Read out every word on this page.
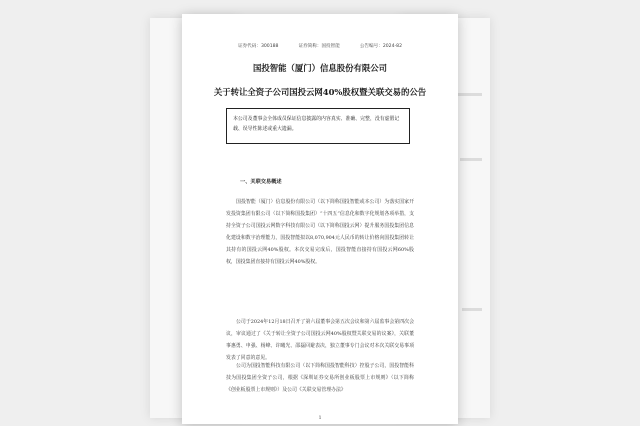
证券代码：300188	证券简称：国投智能	公告编号：2024-82
国投智能（厦门）信息股份有限公司
关于转让全资子公司国投云网40%股权暨关联交易的公告
本公司及董事会全体成员保证信息披露的内容真实、准确、完整，没有虚假记载、误导性陈述或重大遗漏。
一、关联交易概述
国投智能（厦门）信息股份有限公司（以下简称国投智能或本公司）为落实国家开发投资集团有限公司（以下简称国投集团）“十四五”信息化和数字化规划各项举措，支持全资子公司国投云网数字科技有限公司（以下简称国投云网）提升服务国投集团信息化建设和数字治理能力，国投智能拟以8,070,904元人民币的转让价格向国投集团转让其持有的国投云网40%股权。本次交易完成后，国投智能直接持有国投云网60%股权，国投集团直接持有国投云网40%股权。
公司于2024年12月18日召开了第六届董事会第五次会议和第六届监事会第四次会议，审议通过了《关于转让全资子公司国投云网40%股权暨关联交易的议案》，关联董事惠勇、申强、杨峰、许曦光、邵磊回避表决，独立董事专门会议对本次关联交易事项发表了同意的意见。
公司为国投智能科技有限公司（以下简称国投智能科技）控股子公司，国投智能科技为国投集团全资子公司，根据《深圳证券交易所创业板股票上市规则》（以下简称《创业板股票上市规则》）及公司《关联交易管理办法》
1
